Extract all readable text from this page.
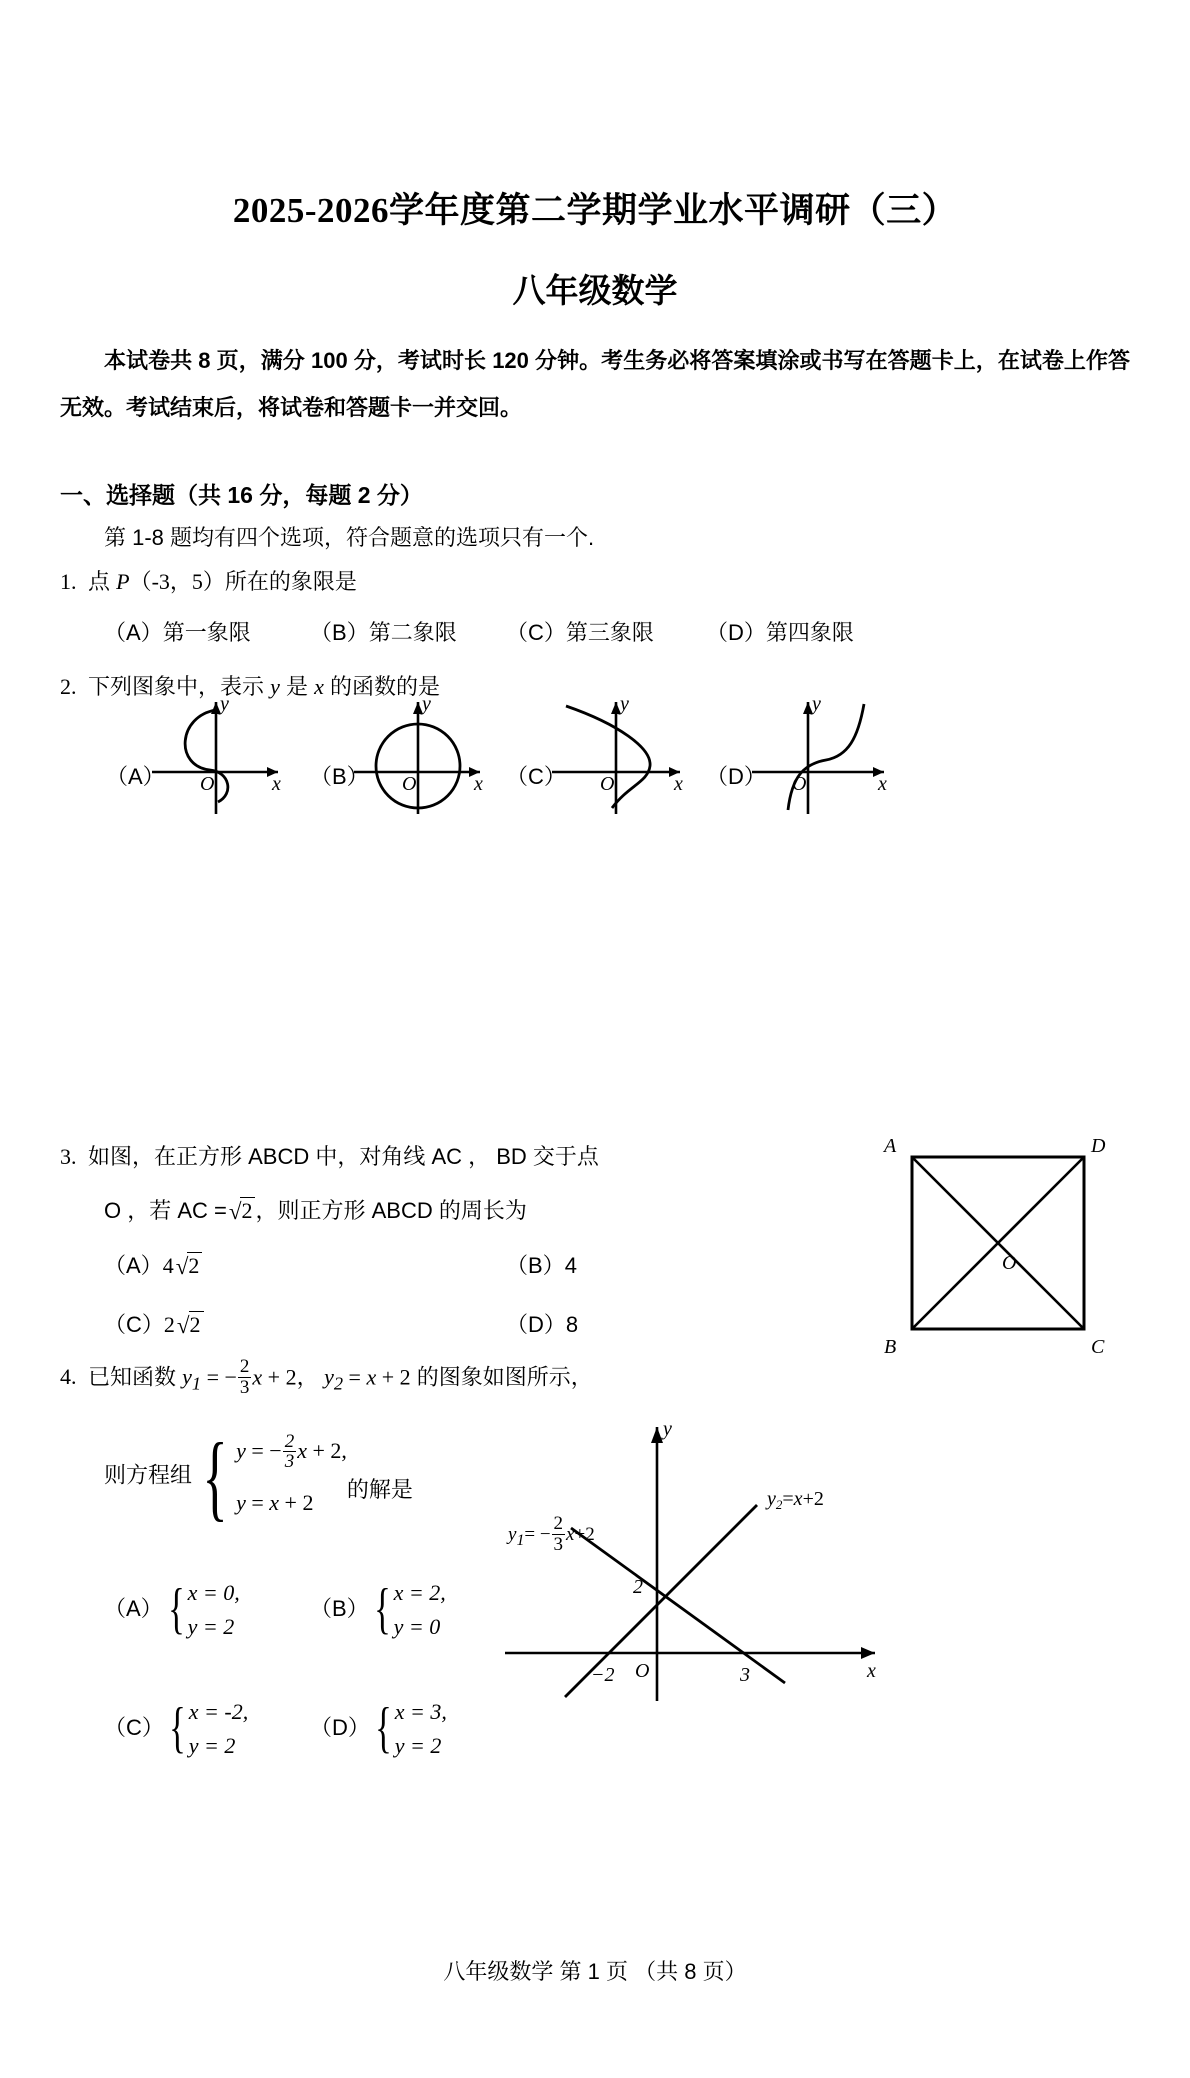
2025-2026学年度第二学期学业水平调研（三）
八年级数学
本试卷共 8 页，满分 100 分，考试时长 120 分钟。考生务必将答案填涂或书写在答题卡上，在试卷上作答无效。考试结束后，将试卷和答题卡一并交回。
一、选择题（共 16 分，每题 2 分）
第 1-8 题均有四个选项，符合题意的选项只有一个.
1. 点 P（-3，5）所在的象限是
（A）第一象限	（B）第二象限 （C）第三象限 （D）第四象限
2. 下列图象中，表示 y 是 x 的函数的是
（A）
y
x
O	（B）
y
x
O	（C）
y
x
O	（D）
y
x
O
3. 如图，在正方形 ABCD 中，对角线 AC ， BD 交于点
O ，若 AC =√2 ，则正方形 ABCD 的周长为
（A）4√2	（B）4
（C）2√2	（D）8
A	D
B	C
O
4. 已知函数 $y_1$ = − $\frac{2}{3}$ x + 2， $y_2 = x + 2$ 的图象如图所示，
则方程组 { y = − $\frac{2}{3}$ x + 2,
y = x + 2
的解是
（A） { x = 0,
y = 2
（B） { x = 2,
y = 0
（C） { x = -2,
y = 2
（D） { x = 3,
y = 2
y
x
O
2
−2	3
$y_2=x+2$
$y_1= - \frac{2}{3} x+2$
八年级数学 第 1 页 （共 8 页）
